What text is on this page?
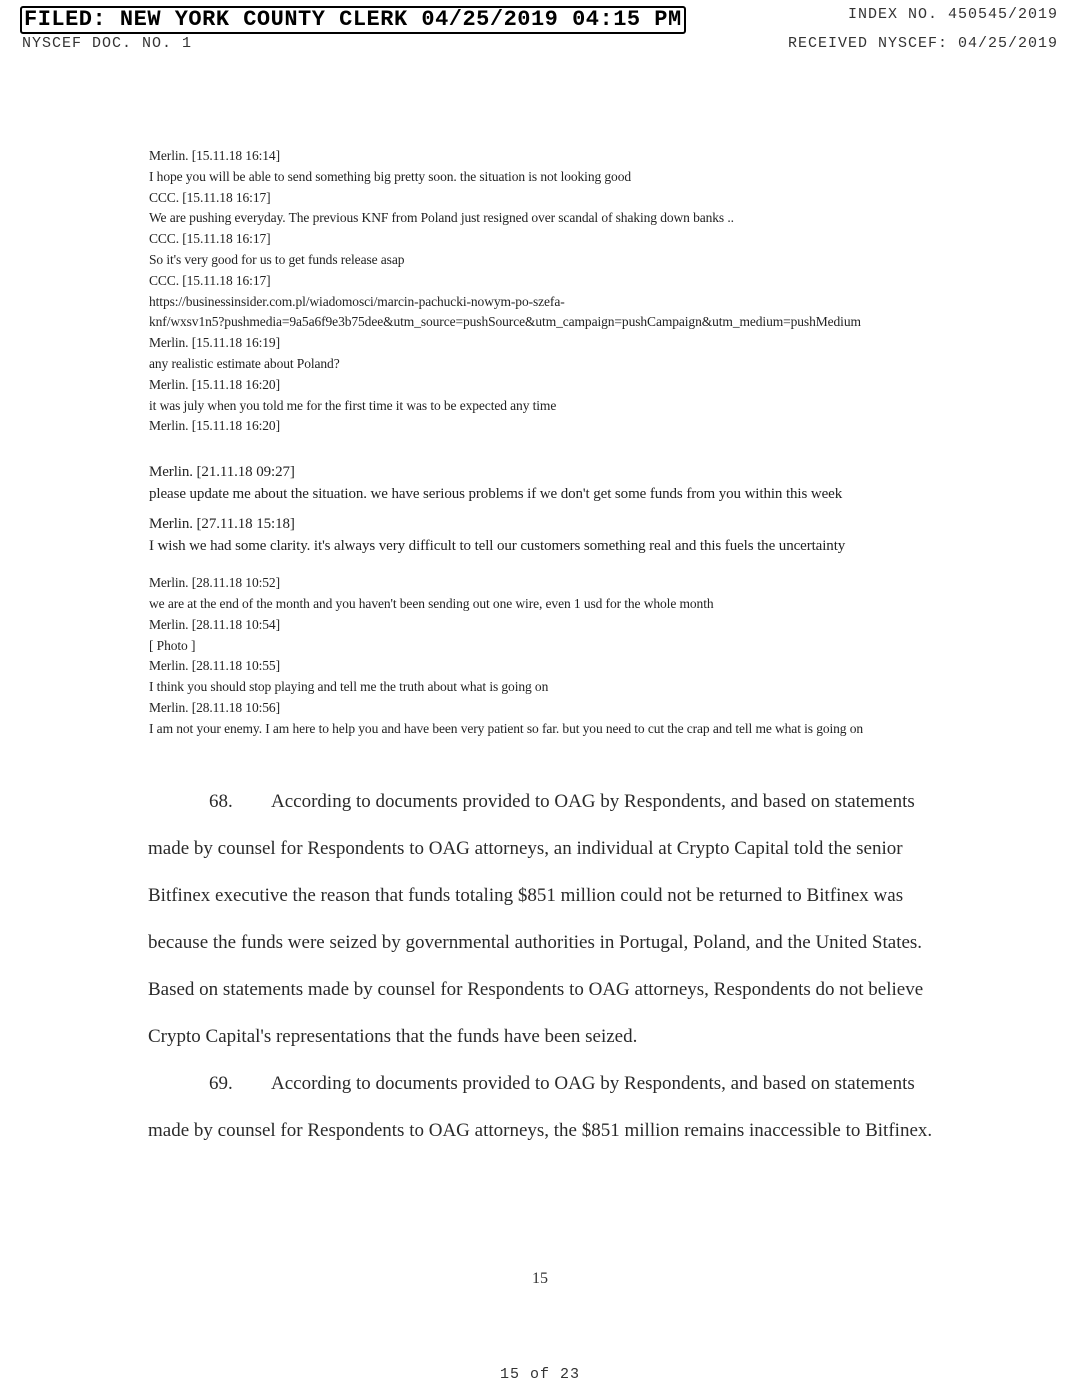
FILED: NEW YORK COUNTY CLERK 04/25/2019 04:15 PM
NYSCEF DOC. NO. 1
INDEX NO. 450545/2019
RECEIVED NYSCEF: 04/25/2019
Merlin. [15.11.18 16:14]
I hope you will be able to send something big pretty soon. the situation is not looking good
CCC. [15.11.18 16:17]
We are pushing everyday. The previous KNF from Poland just resigned over scandal of shaking down banks ..
CCC. [15.11.18 16:17]
So it's very good for us to get funds release asap
CCC. [15.11.18 16:17]
https://businessinsider.com.pl/wiadomosci/marcin-pachucki-nowym-po-szefa-
knf/wxsv1n5?pushmedia=9a5a6f9e3b75dee&utm_source=pushSource&utm_campaign=pushCampaign&utm_medium=pushMedium
Merlin. [15.11.18 16:19]
any realistic estimate about Poland?
Merlin. [15.11.18 16:20]
it was july when you told me for the first time it was to be expected any time
Merlin. [15.11.18 16:20]
Merlin. [21.11.18 09:27]
please update me about the situation. we have serious problems if we don't get some funds from you within this week
Merlin. [27.11.18 15:18]
I wish we had some clarity. it's always very difficult to tell our customers something real and this fuels the uncertainty
Merlin. [28.11.18 10:52]
we are at the end of the month and you haven't been sending out one wire, even 1 usd for the whole month
Merlin. [28.11.18 10:54]
[ Photo ]
Merlin. [28.11.18 10:55]
I think you should stop playing and tell me the truth about what is going on
Merlin. [28.11.18 10:56]
I am not your enemy. I am here to help you and have been very patient so far. but you need to cut the crap and tell me what is going on

68. According to documents provided to OAG by Respondents, and based on statements made by counsel for Respondents to OAG attorneys, an individual at Crypto Capital told the senior Bitfinex executive the reason that funds totaling $851 million could not be returned to Bitfinex was because the funds were seized by governmental authorities in Portugal, Poland, and the United States. Based on statements made by counsel for Respondents to OAG attorneys, Respondents do not believe Crypto Capital's representations that the funds have been seized.

69. According to documents provided to OAG by Respondents, and based on statements made by counsel for Respondents to OAG attorneys, the $851 million remains inaccessible to Bitfinex.

15
15 of 23
